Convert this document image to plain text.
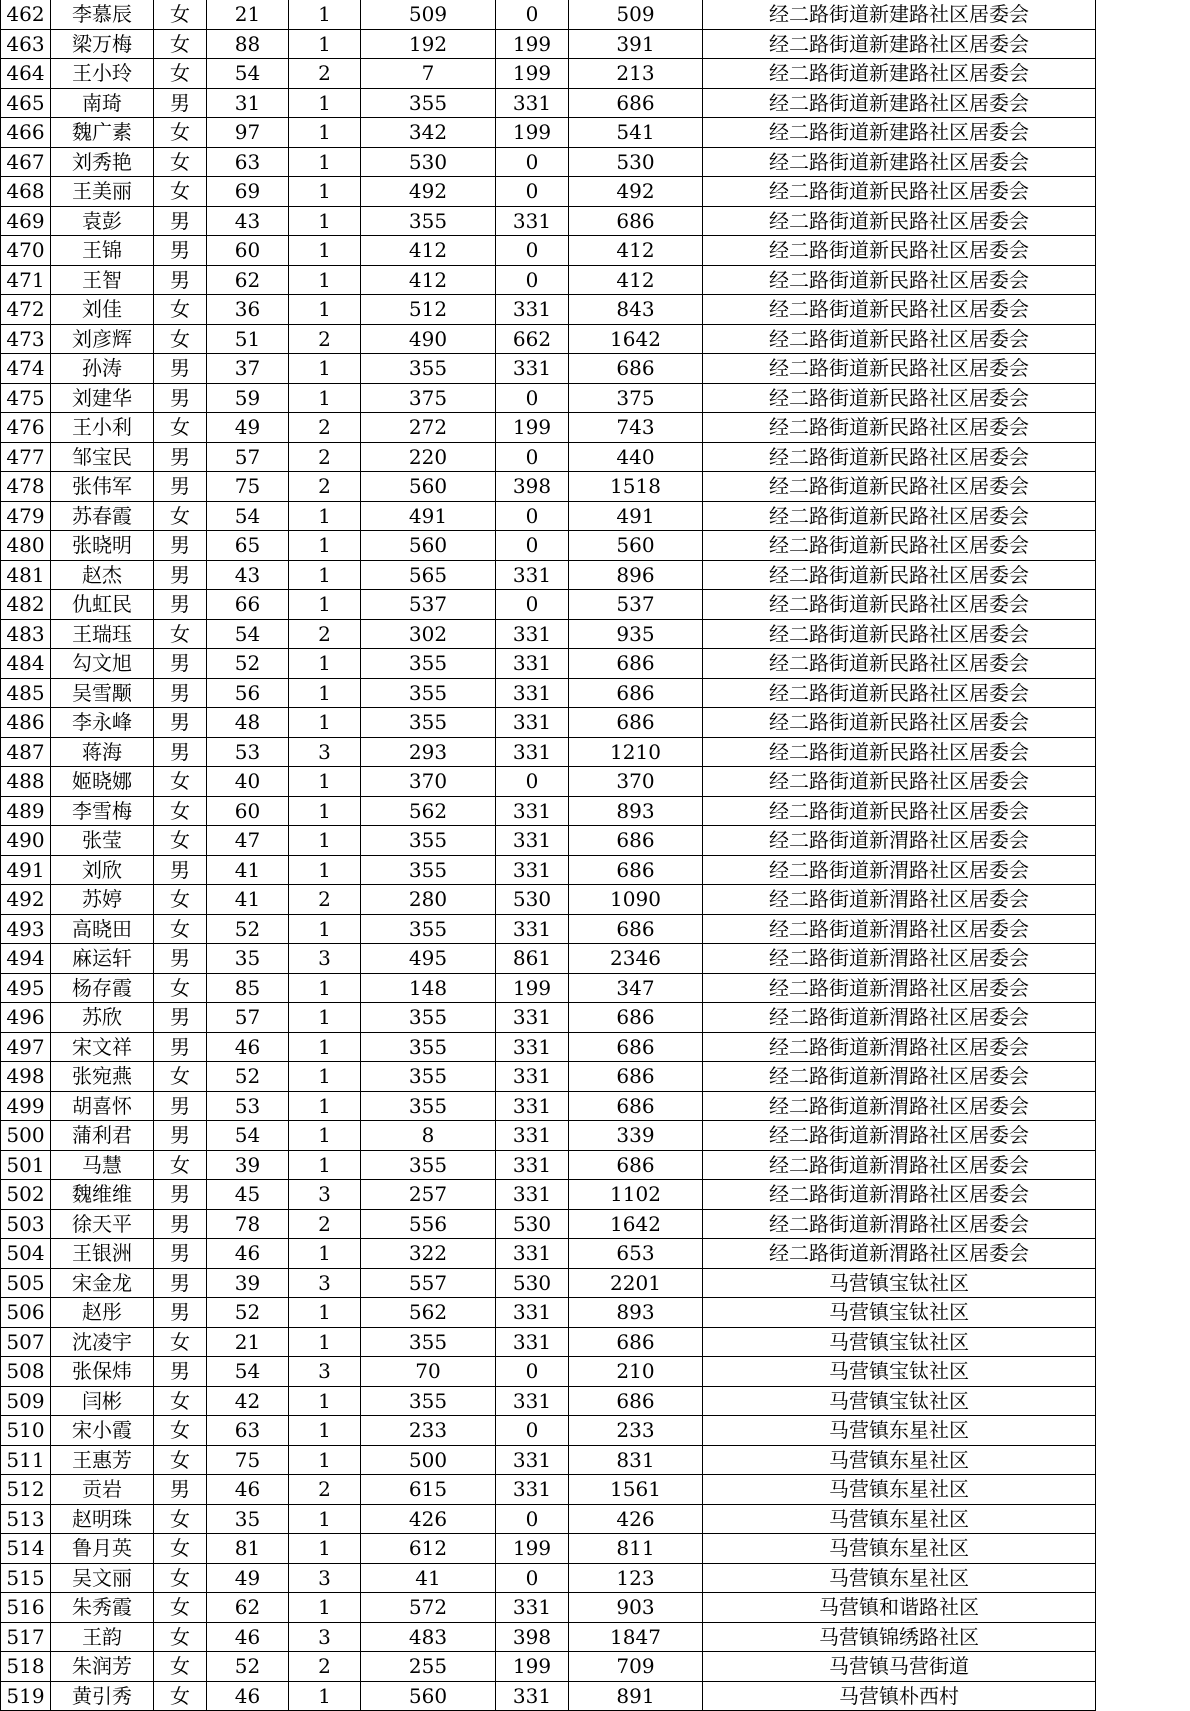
462	李慕辰	女	21	1	509	0	509	经二路街道新建路社区居委会
463	梁万梅	女	88	1	192	199	391	经二路街道新建路社区居委会
464	王小玲	女	54	2	7	199	213	经二路街道新建路社区居委会
465	南琦	男	31	1	355	331	686	经二路街道新建路社区居委会
466	魏广素	女	97	1	342	199	541	经二路街道新建路社区居委会
467	刘秀艳	女	63	1	530	0	530	经二路街道新建路社区居委会
468	王美丽	女	69	1	492	0	492	经二路街道新民路社区居委会
469	袁彭	男	43	1	355	331	686	经二路街道新民路社区居委会
470	王锦	男	60	1	412	0	412	经二路街道新民路社区居委会
471	王智	男	62	1	412	0	412	经二路街道新民路社区居委会
472	刘佳	女	36	1	512	331	843	经二路街道新民路社区居委会
473	刘彦辉	女	51	2	490	662	1642	经二路街道新民路社区居委会
474	孙涛	男	37	1	355	331	686	经二路街道新民路社区居委会
475	刘建华	男	59	1	375	0	375	经二路街道新民路社区居委会
476	王小利	女	49	2	272	199	743	经二路街道新民路社区居委会
477	邹宝民	男	57	2	220	0	440	经二路街道新民路社区居委会
478	张伟军	男	75	2	560	398	1518	经二路街道新民路社区居委会
479	苏春霞	女	54	1	491	0	491	经二路街道新民路社区居委会
480	张晓明	男	65	1	560	0	560	经二路街道新民路社区居委会
481	赵杰	男	43	1	565	331	896	经二路街道新民路社区居委会
482	仇虹民	男	66	1	537	0	537	经二路街道新民路社区居委会
483	王瑞珏	女	54	2	302	331	935	经二路街道新民路社区居委会
484	勾文旭	男	52	1	355	331	686	经二路街道新民路社区居委会
485	吴雪颙	男	56	1	355	331	686	经二路街道新民路社区居委会
486	李永峰	男	48	1	355	331	686	经二路街道新民路社区居委会
487	蒋海	男	53	3	293	331	1210	经二路街道新民路社区居委会
488	姬晓娜	女	40	1	370	0	370	经二路街道新民路社区居委会
489	李雪梅	女	60	1	562	331	893	经二路街道新民路社区居委会
490	张莹	女	47	1	355	331	686	经二路街道新渭路社区居委会
491	刘欣	男	41	1	355	331	686	经二路街道新渭路社区居委会
492	苏婷	女	41	2	280	530	1090	经二路街道新渭路社区居委会
493	高晓田	女	52	1	355	331	686	经二路街道新渭路社区居委会
494	麻运轩	男	35	3	495	861	2346	经二路街道新渭路社区居委会
495	杨存霞	女	85	1	148	199	347	经二路街道新渭路社区居委会
496	苏欣	男	57	1	355	331	686	经二路街道新渭路社区居委会
497	宋文祥	男	46	1	355	331	686	经二路街道新渭路社区居委会
498	张宛燕	女	52	1	355	331	686	经二路街道新渭路社区居委会
499	胡喜怀	男	53	1	355	331	686	经二路街道新渭路社区居委会
500	蒲利君	男	54	1	8	331	339	经二路街道新渭路社区居委会
501	马慧	女	39	1	355	331	686	经二路街道新渭路社区居委会
502	魏维维	男	45	3	257	331	1102	经二路街道新渭路社区居委会
503	徐天平	男	78	2	556	530	1642	经二路街道新渭路社区居委会
504	王银洲	男	46	1	322	331	653	经二路街道新渭路社区居委会
505	宋金龙	男	39	3	557	530	2201	马营镇宝钛社区
506	赵彤	男	52	1	562	331	893	马营镇宝钛社区
507	沈凌宇	女	21	1	355	331	686	马营镇宝钛社区
508	张保炜	男	54	3	70	0	210	马营镇宝钛社区
509	闫彬	女	42	1	355	331	686	马营镇宝钛社区
510	宋小霞	女	63	1	233	0	233	马营镇东星社区
511	王惠芳	女	75	1	500	331	831	马营镇东星社区
512	贡岩	男	46	2	615	331	1561	马营镇东星社区
513	赵明珠	女	35	1	426	0	426	马营镇东星社区
514	鲁月英	女	81	1	612	199	811	马营镇东星社区
515	吴文丽	女	49	3	41	0	123	马营镇东星社区
516	朱秀霞	女	62	1	572	331	903	马营镇和谐路社区
517	王韵	女	46	3	483	398	1847	马营镇锦绣路社区
518	朱润芳	女	52	2	255	199	709	马营镇马营街道
519	黄引秀	女	46	1	560	331	891	马营镇朴西村
